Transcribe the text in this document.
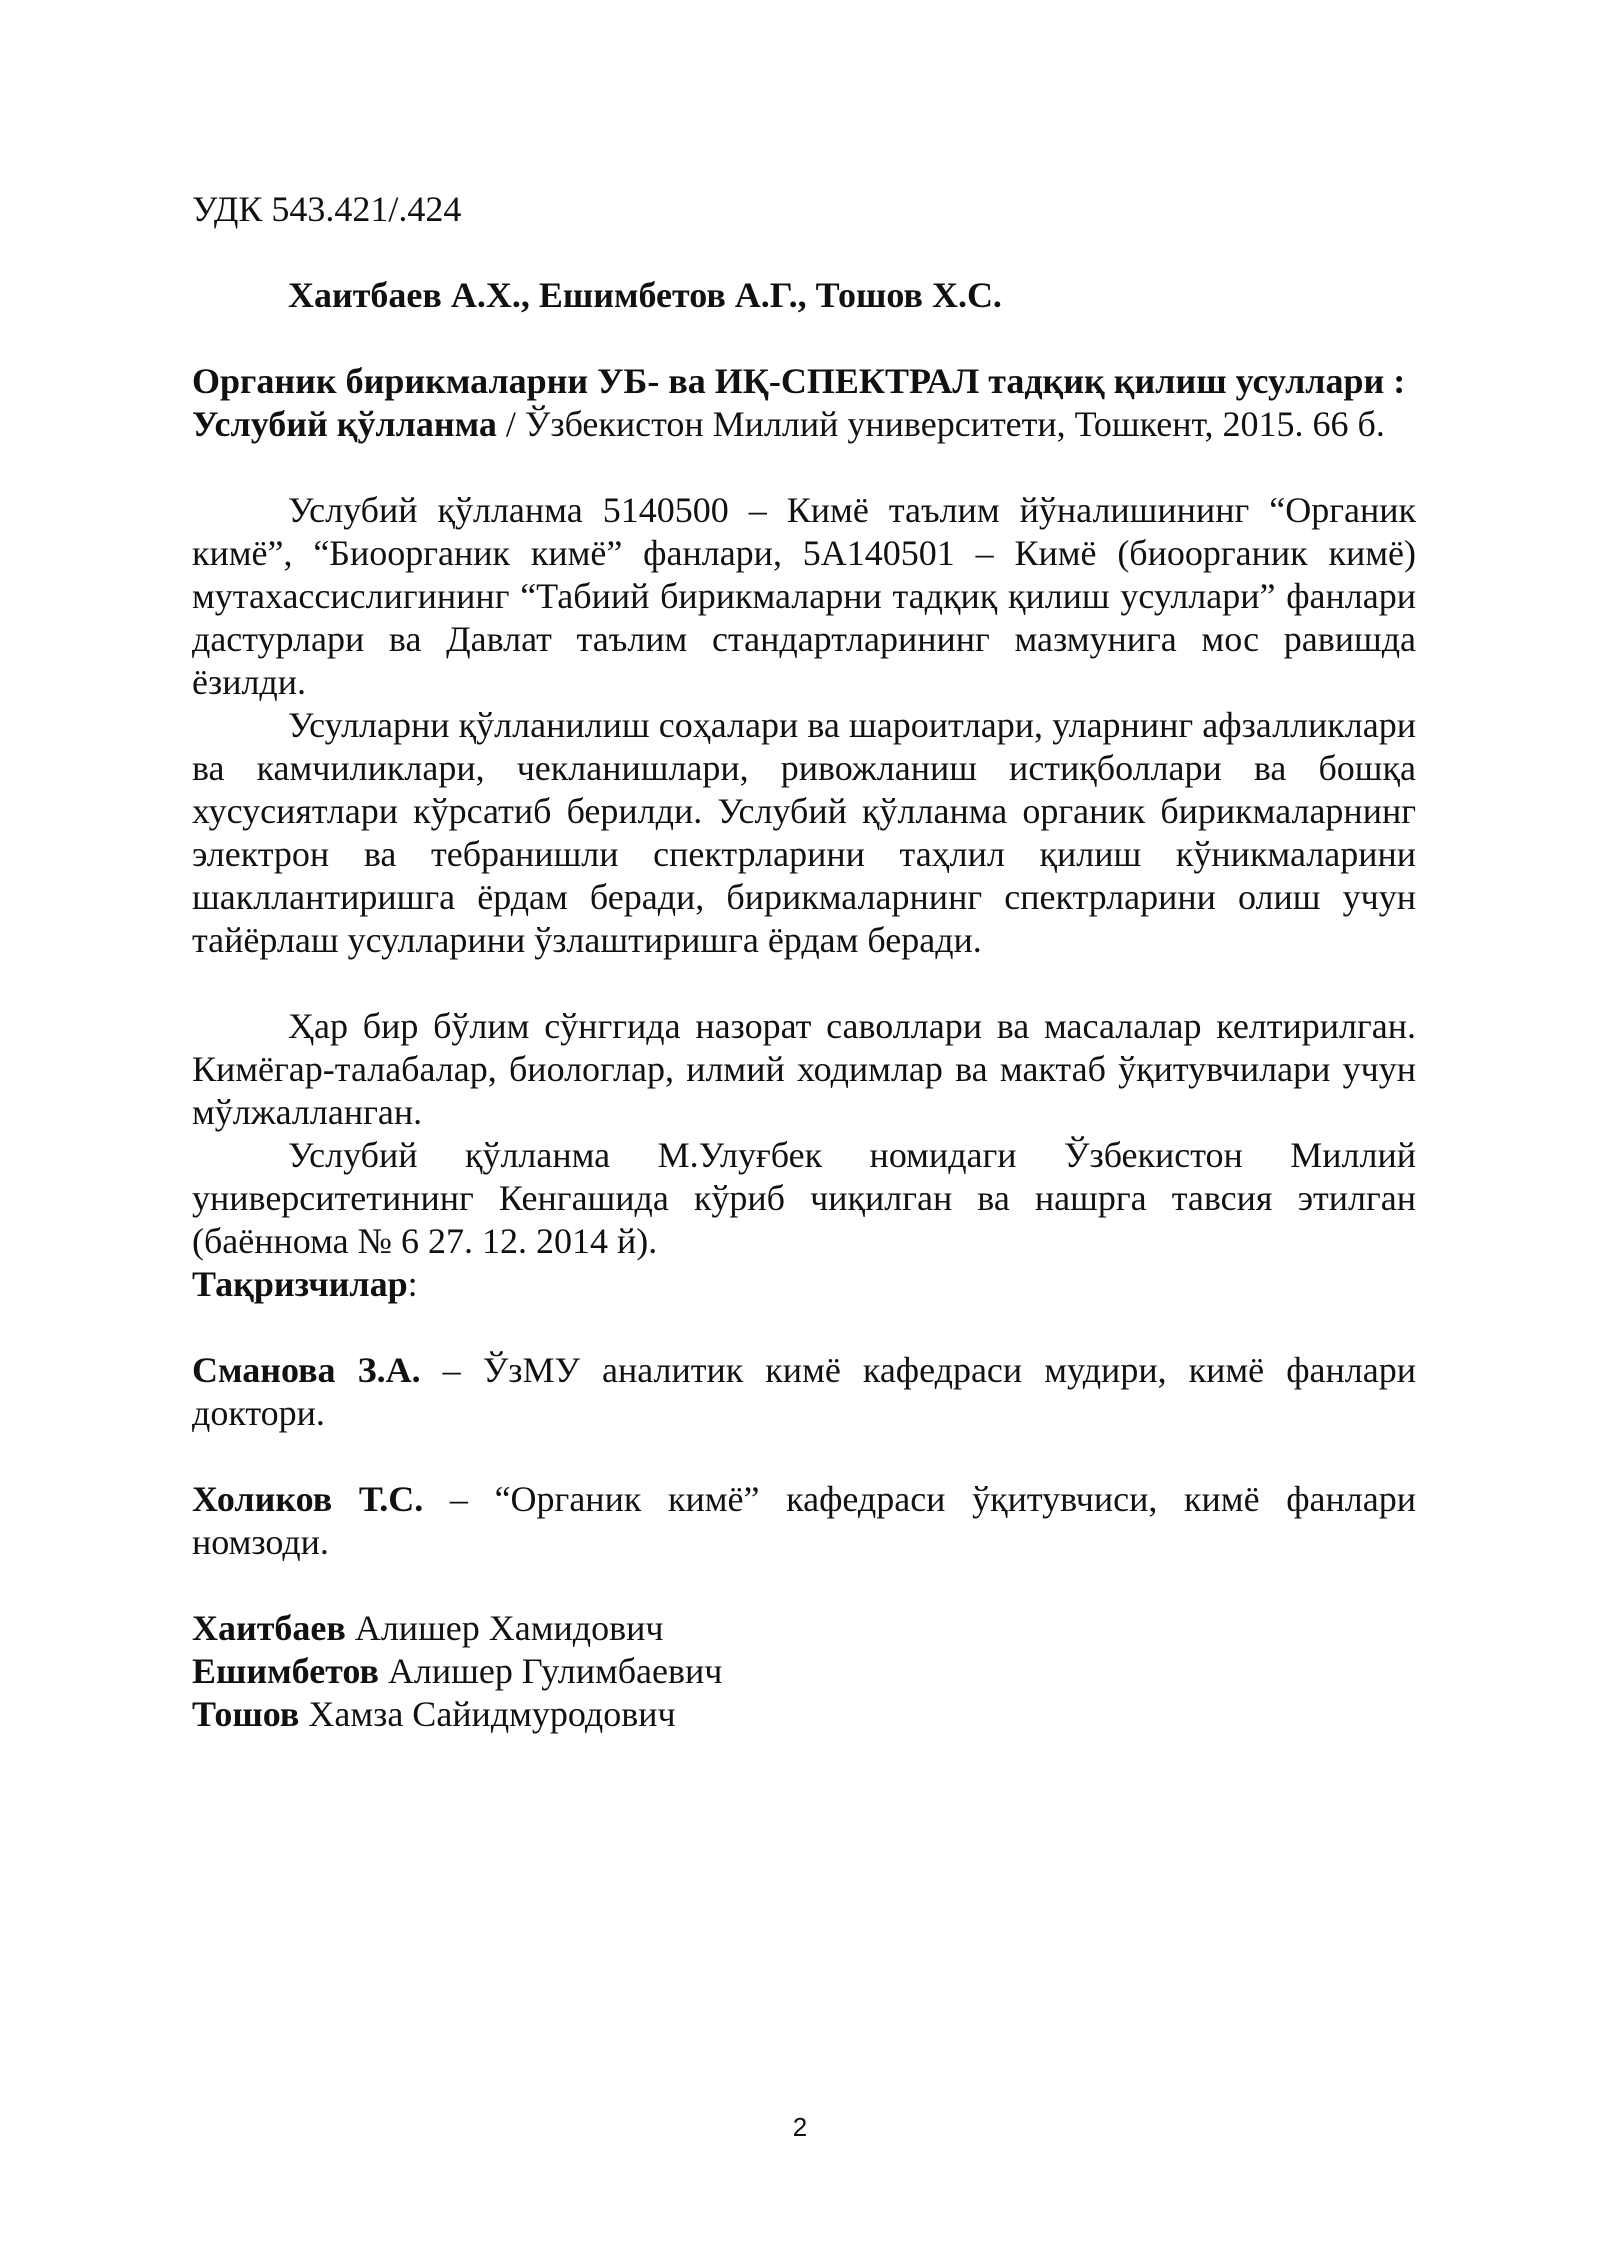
УДК 543.421/.424

Хаитбаев А.Х., Ешимбетов А.Г., Тошов Х.С.

Органик бирикмаларни УБ- ва ИҚ-СПЕКТРАЛ тадқиқ қилиш усуллари : Услубий қўлланма / Ўзбекистон Миллий университети, Тошкент, 2015. 66 б.

Услубий қўлланма 5140500 – Кимё таълим йўналишининг “Органик кимё”, “Биоорганик кимё” фанлари, 5А140501 – Кимё (биоорганик кимё) мутахассислигининг “Табиий бирикмаларни тадқиқ қилиш усуллари” фанлари дастурлари ва Давлат таълим стандартларининг мазмунига мос равишда ёзилди.

Усулларни қўлланилиш соҳалари ва шароитлари, уларнинг афзалликлари ва камчиликлари, чекланишлари, ривожланиш истиқболлари ва бошқа хусусиятлари кўрсатиб берилди. Услубий қўлланма органик бирикмаларнинг электрон ва тебранишли спектрларини таҳлил қилиш кўникмаларини шакллантиришга ёрдам беради, бирикмаларнинг спектрларини олиш учун тайёрлаш усулларини ўзлаштиришга ёрдам беради.

Ҳар бир бўлим сўнггида назорат саволлари ва масалалар келтирилган. Кимёгар-талабалар, биологлар, илмий ходимлар ва мактаб ўқитувчилари учун мўлжалланган.

Услубий қўлланма М.Улуғбек номидаги Ўзбекистон Миллий университетининг Кенгашида кўриб чиқилган ва нашрга тавсия этилган (баённома № 6 27. 12. 2014 й).

Тақризчилар:

Сманова З.А. – ЎзМУ аналитик кимё кафедраси мудири, кимё фанлари доктори.

Холиков Т.С. – “Органик кимё” кафедраси ўқитувчиси, кимё фанлари номзоди.

Хаитбаев Алишер Хамидович

Ешимбетов Алишер Гулимбаевич

Тошов Хамза Сайидмуродович

2
